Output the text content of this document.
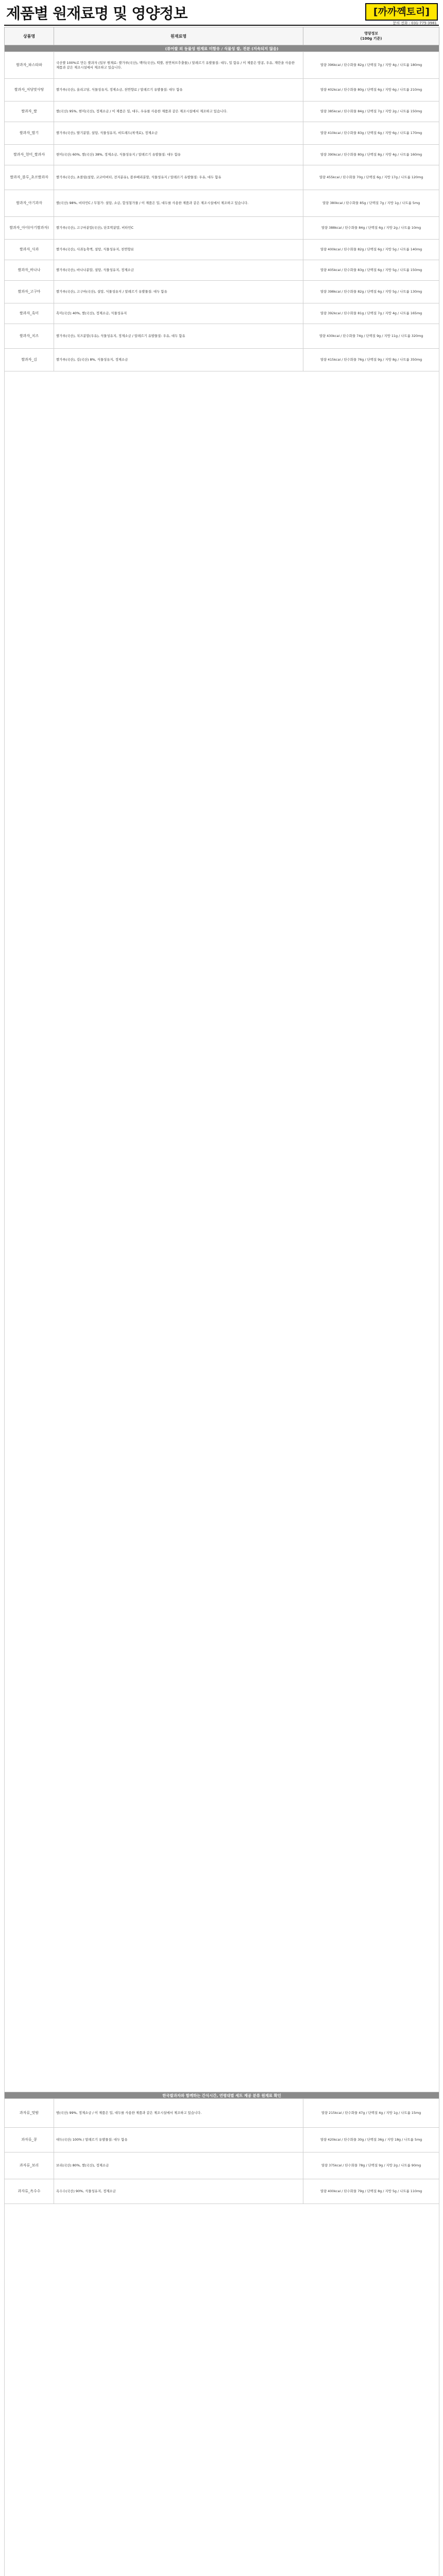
제품별 원재료명 및 영양정보	[까까껙토리]
문의 전화 : 031-775-3981
상품명	원재료명	영양정보
(100g 기준)

(퓨어쌀 외 동물성 원재료 미함유 / 식물성 쌀, 전분 (지속되지 않음)		
쌀과자_파스타파	국산쌀 100%로 만든 쌀과자 (일부 원재료: 쌀가루(국산), 백미(국산), 떡쌀, 천연허브추출물) / 알레르기 유발물질: 대두, 밀 함유 / 이 제품은 땅콩, 우유, 계란을 사용한 제품과 같은 제조시설에서 제조하고 있습니다.	열량 396kcal / 탄수화물 82g / 단백질 7g / 지방 4g / 나트륨 180mg
쌀과자_저당맛사탕	쌀가루(국산), 올리고당, 식물성유지, 정제소금, 천연향료 / 알레르기 유발물질: 대두 함유	열량 402kcal / 탄수화물 80g / 단백질 6g / 지방 6g / 나트륨 210mg
쌀과자_쌀	쌀(국산) 95%, 현미(국산), 정제소금 / 이 제품은 밀, 대두, 우유를 사용한 제품과 같은 제조시설에서 제조하고 있습니다.	열량 385kcal / 탄수화물 84g / 단백질 7g / 지방 2g / 나트륨 150mg
쌀과자_딸기	쌀가루(국산), 딸기분말, 설탕, 식물성유지, 비트레드(착색료), 정제소금	열량 410kcal / 탄수화물 83g / 단백질 6g / 지방 6g / 나트륨 170mg
쌀과자_현미_쌀과자	현미(국산) 60%, 쌀(국산) 38%, 정제소금, 식물성유지 / 알레르기 유발물질: 대두 함유	열량 390kcal / 탄수화물 80g / 단백질 8g / 지방 4g / 나트륨 160mg
쌀과자_블루_초코쌀과자	쌀가루(국산), 초콜릿(설탕, 코코아버터, 전지분유), 블루베리분말, 식물성유지 / 알레르기 유발물질: 우유, 대두 함유	열량 455kcal / 탄수화물 70g / 단백질 6g / 지방 17g / 나트륨 120mg
쌀과자_아기과자	쌀(국산) 98%, 비타민C / 무첨가: 설탕, 소금, 합성첨가물 / 이 제품은 밀, 대두를 사용한 제품과 같은 제조시설에서 제조하고 있습니다.	열량 380kcal / 탄수화물 85g / 단백질 7g / 지방 1g / 나트륨 5mg
쌀과자_아이(아기쌀과자)	쌀가루(국산), 고구마분말(국산), 단호박분말, 비타민C	열량 388kcal / 탄수화물 84g / 단백질 6g / 지방 2g / 나트륨 10mg
쌀과자_사과	쌀가루(국산), 사과농축액, 설탕, 식물성유지, 천연향료	열량 400kcal / 탄수화물 82g / 단백질 6g / 지방 5g / 나트륨 140mg
쌀과자_바나나	쌀가루(국산), 바나나분말, 설탕, 식물성유지, 정제소금	열량 405kcal / 탄수화물 83g / 단백질 6g / 지방 5g / 나트륨 150mg
쌀과자_고구마	쌀가루(국산), 고구마(국산), 설탕, 식물성유지 / 알레르기 유발물질: 대두 함유	열량 398kcal / 탄수화물 82g / 단백질 6g / 지방 5g / 나트륨 130mg
쌀과자_흑미	흑미(국산) 40%, 쌀(국산), 정제소금, 식물성유지	열량 392kcal / 탄수화물 81g / 단백질 7g / 지방 4g / 나트륨 165mg
쌀과자_치즈	쌀가루(국산), 치즈분말(우유), 식물성유지, 정제소금 / 알레르기 유발물질: 우유, 대두 함유	열량 430kcal / 탄수화물 74g / 단백질 9g / 지방 11g / 나트륨 320mg
쌀과자_김	쌀가루(국산), 김(국산) 8%, 식물성유지, 정제소금	열량 415kcal / 탄수화물 76g / 단백질 9g / 지방 8g / 나트륨 350mg

한국쌀과자와 함께하는 간식시간, 연령대별 세트 제공 분류 원재료 확인		
과자류_맛밤	밤(국산) 99%, 정제소금 / 이 제품은 밀, 대두를 사용한 제품과 같은 제조시설에서 제조하고 있습니다.	열량 215kcal / 탄수화물 47g / 단백질 4g / 지방 1g / 나트륨 15mg
과자류_콩	대두(국산) 100% / 알레르기 유발물질: 대두 함유	열량 420kcal / 탄수화물 30g / 단백질 36g / 지방 18g / 나트륨 5mg
과자류_보리	보리(국산) 80%, 쌀(국산), 정제소금	열량 375kcal / 탄수화물 78g / 단백질 9g / 지방 2g / 나트륨 90mg
과자류_옥수수	옥수수(국산) 90%, 식물성유지, 정제소금	열량 400kcal / 탄수화물 79g / 단백질 8g / 지방 5g / 나트륨 110mg
